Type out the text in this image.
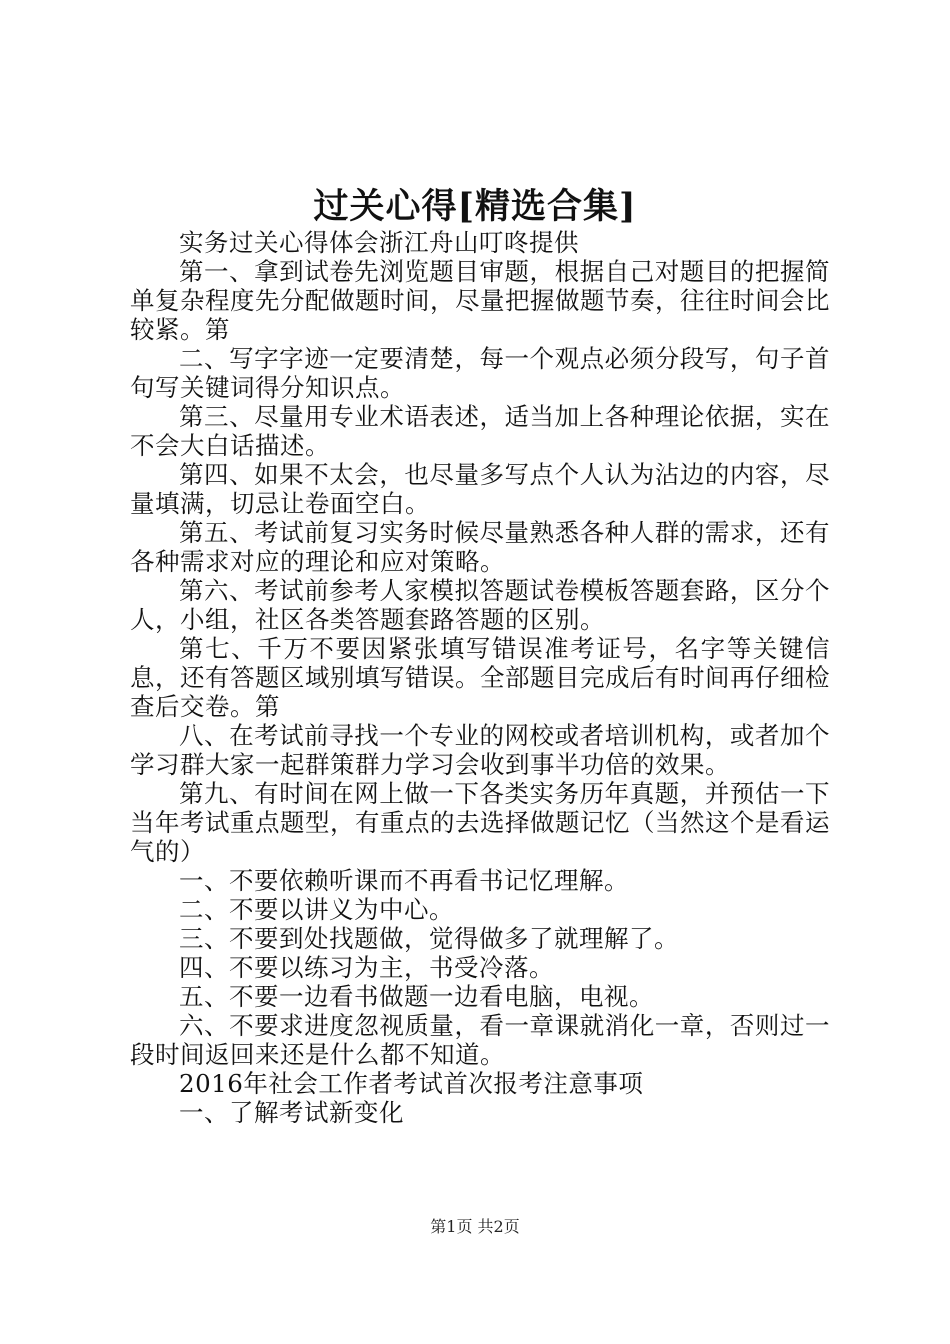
过关心得[精选合集]

实务过关心得体会浙江舟山叮咚提供

第一、拿到试卷先浏览题目审题，根据自己对题目的把握简单复杂程度先分配做题时间，尽量把握做题节奏，往往时间会比较紧。第

二、写字字迹一定要清楚，每一个观点必须分段写，句子首句写关键词得分知识点。

第三、尽量用专业术语表述，适当加上各种理论依据，实在不会大白话描述。

第四、如果不太会，也尽量多写点个人认为沾边的内容，尽量填满，切忌让卷面空白。

第五、考试前复习实务时候尽量熟悉各种人群的需求，还有各种需求对应的理论和应对策略。

第六、考试前参考人家模拟答题试卷模板答题套路，区分个人，小组，社区各类答题套路答题的区别。

第七、千万不要因紧张填写错误准考证号，名字等关键信息，还有答题区域别填写错误。全部题目完成后有时间再仔细检查后交卷。第

八、在考试前寻找一个专业的网校或者培训机构，或者加个学习群大家一起群策群力学习会收到事半功倍的效果。

第九、有时间在网上做一下各类实务历年真题，并预估一下当年考试重点题型，有重点的去选择做题记忆（当然这个是看运气的）

一、不要依赖听课而不再看书记忆理解。

二、不要以讲义为中心。

三、不要到处找题做，觉得做多了就理解了。

四、不要以练习为主，书受冷落。

五、不要一边看书做题一边看电脑，电视。

六、不要求进度忽视质量，看一章课就消化一章，否则过一段时间返回来还是什么都不知道。

2016年社会工作者考试首次报考注意事项

一、了解考试新变化

第1页 共2页
